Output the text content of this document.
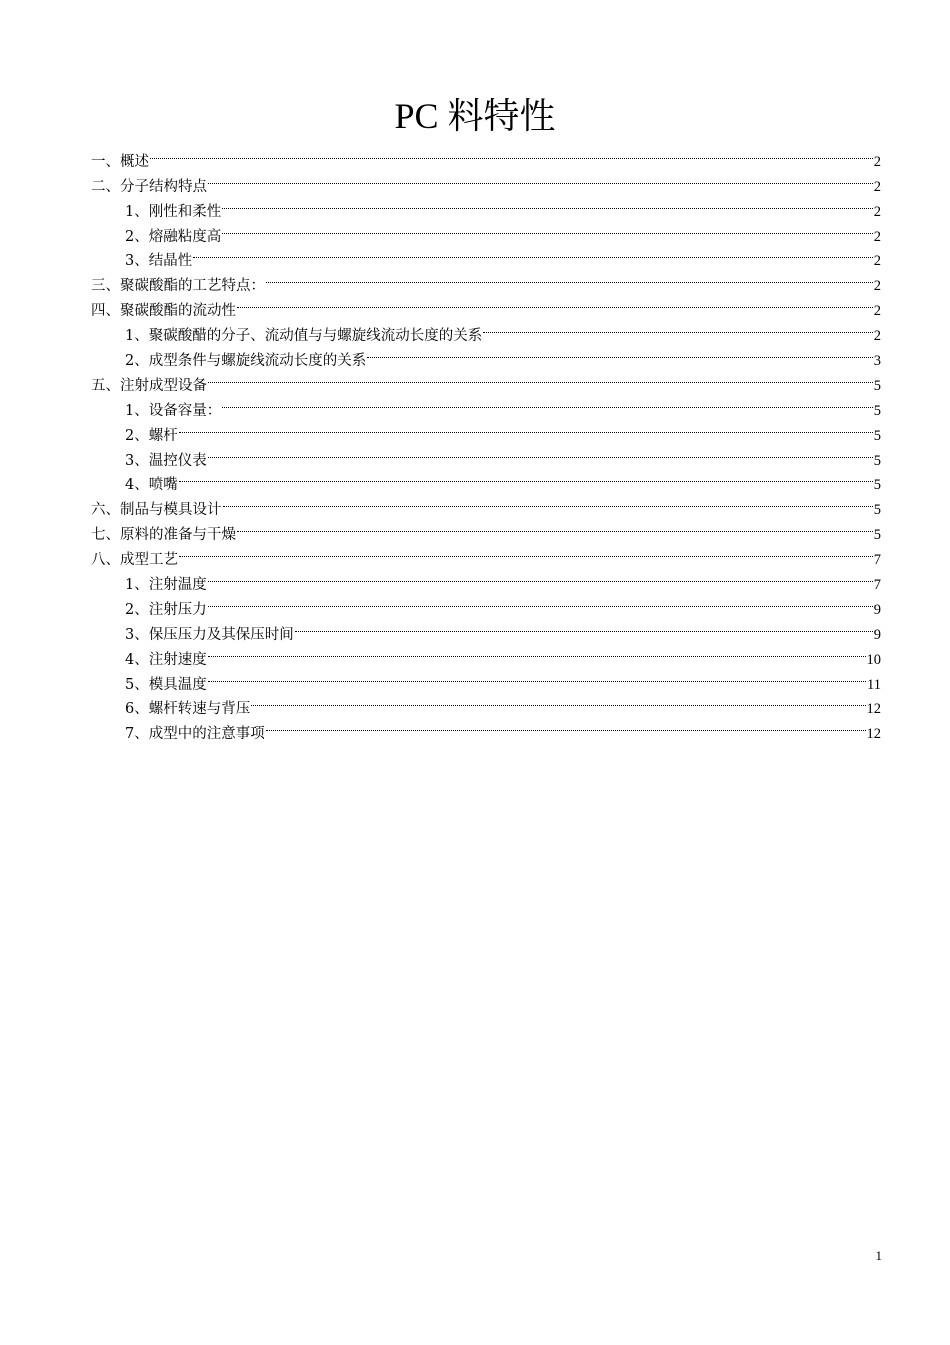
PC 料特性
一、概述	2
二、分子结构特点	2
1、刚性和柔性	2
2、熔融粘度高	2
3、结晶性	2
三、聚碳酸酯的工艺特点：	2
四、聚碳酸酯的流动性	2
1、聚碳酸醋的分子、流动值与与螺旋线流动长度的关系	2
2、成型条件与螺旋线流动长度的关系	3
五、注射成型设备	5
1、设备容量：	5
2、螺杆	5
3、温控仪表	5
4、喷嘴	5
六、制品与模具设计	5
七、原料的准备与干燥	5
八、成型工艺	7
1、注射温度	7
2、注射压力	9
3、保压压力及其保压时间	9
4、注射速度	10
5、模具温度	11
6、螺杆转速与背压	12
7、成型中的注意事项	12
1
